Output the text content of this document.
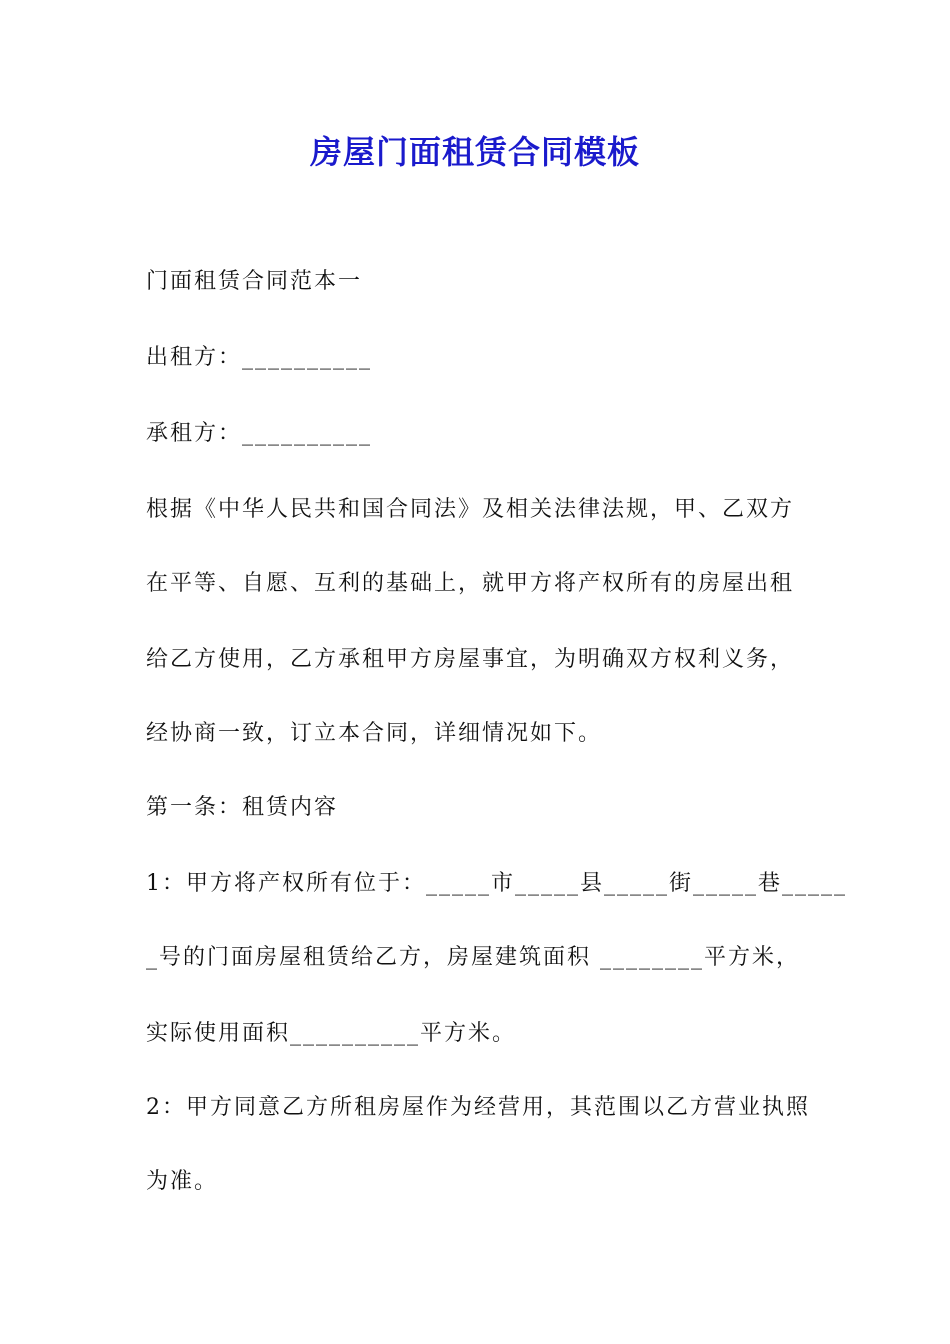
房屋门面租赁合同模板
门面租赁合同范本一
出租方：__________
承租方：__________
根据《中华人民共和国合同法》及相关法律法规，甲、乙双方
在平等、自愿、互利的基础上，就甲方将产权所有的房屋出租
给乙方使用，乙方承租甲方房屋事宜，为明确双方权利义务，
经协商一致，订立本合同，详细情况如下。
第一条：租赁内容
1：甲方将产权所有位于：_____市_____县_____街_____巷_____
_号的门面房屋租赁给乙方，房屋建筑面积 ________平方米，
实际使用面积__________平方米。
2：甲方同意乙方所租房屋作为经营用，其范围以乙方营业执照
为准。
